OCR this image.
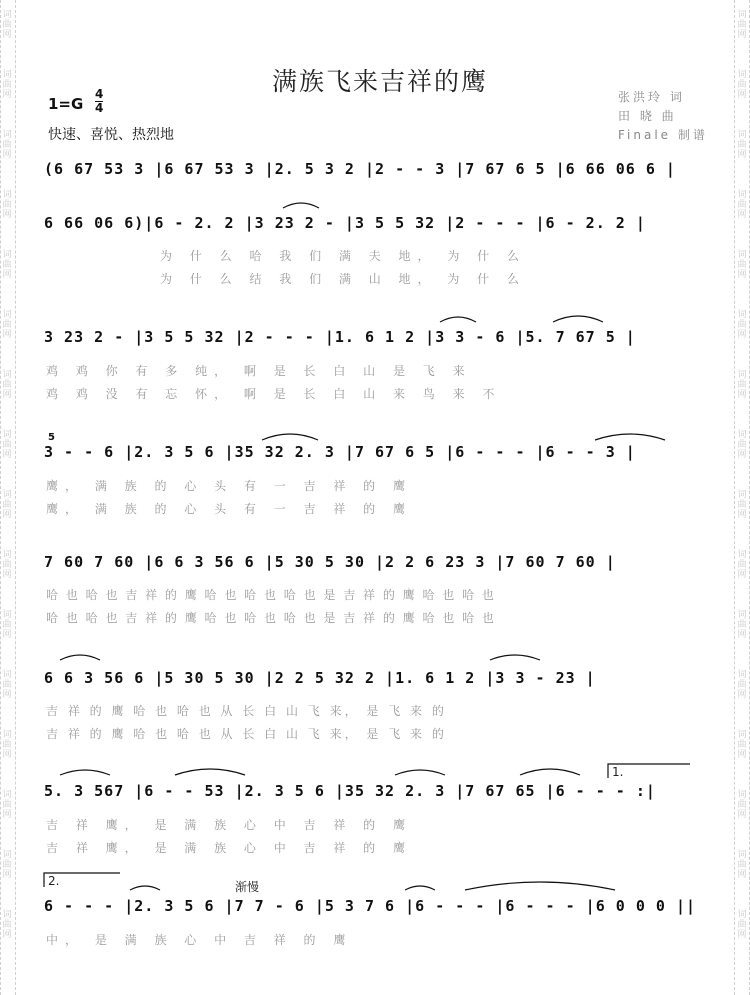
满族飞来吉祥的鹰
1=G
4
4
快速、喜悦、热烈地
张洪玲 词
田 晓 曲
Finale 制谱
(6 67 53 3 |6 67 53 3 |2. 5 3 2 |2 - - 3 |7 67 6 5 |6 66 06 6 |
6 66 06 6)|6 - 2. 2 |3 23 2 - |3 5 5 32 |2 - - - |6 - 2. 2 |
为 什 么 哈 我 们 满 夫 地， 为 什 么
为 什 么 结 我 们 满 山 地， 为 什 么
3 23 2 - |3 5 5 32 |2 - - - |1. 6 1 2 |3 3 - 6 |5. 7 67 5 |
鸡 鸡 你 有 多 纯， 啊 是 长 白 山 是 飞 来
鸡 鸡 没 有 忘 怀， 啊 是 长 白 山 来 鸟 来 不
5
3 - - 6 |2. 3 5 6 |35 32 2. 3 |7 67 6 5 |6 - - - |6 - - 3 |
鹰， 满 族 的 心 头 有 一 吉 祥 的 鹰
鹰， 满 族 的 心 头 有 一 吉 祥 的 鹰
7 60 7 60 |6 6 3 56 6 |5 30 5 30 |2 2 6 23 3 |7 60 7 60 |
哈 也 哈 也 吉 祥 的 鹰 哈 也 哈 也 哈 也 是 吉 祥 的 鹰 哈 也 哈 也
哈 也 哈 也 吉 祥 的 鹰 哈 也 哈 也 哈 也 是 吉 祥 的 鹰 哈 也 哈 也
6 6 3 56 6 |5 30 5 30 |2 2 5 32 2 |1. 6 1 2 |3 3 - 23 |
吉 祥 的 鹰 哈 也 哈 也 从 长 白 山 飞 来， 是 飞 来 的
吉 祥 的 鹰 哈 也 哈 也 从 长 白 山 飞 来， 是 飞 来 的
1.
5. 3 567 |6 - - 53 |2. 3 5 6 |35 32 2. 3 |7 67 65 |6 - - - :|
吉 祥 鹰， 是 满 族 心 中 吉 祥 的 鹰
吉 祥 鹰， 是 满 族 心 中 吉 祥 的 鹰
2.	渐慢
6 - - - |2. 3 5 6 |7 7 - 6 |5 3 7 6 |6 - - - |6 - - - |6 0 0 0 ||
中， 是 满 族 心 中 吉 祥 的 鹰
词曲网
词曲网
词曲网
词曲网
词曲网
词曲网
词曲网
词曲网
词曲网
词曲网
词曲网
词曲网
词曲网
词曲网
词曲网
词曲网
词曲网
词曲网
词曲网
词曲网
词曲网
词曲网
词曲网
词曲网
词曲网
词曲网
词曲网
词曲网
词曲网
词曲网
词曲网
词曲网
